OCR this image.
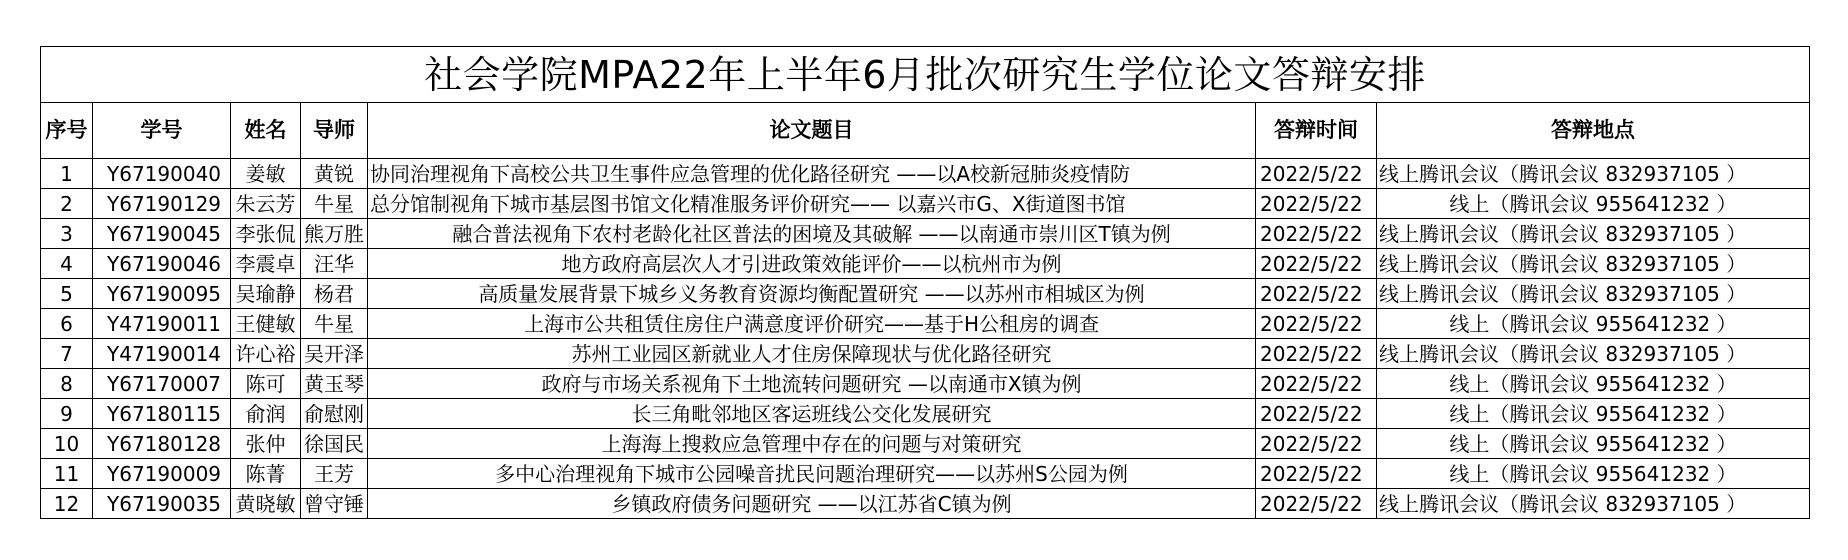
社会学院MPA22年上半年6月批次研究生学位论文答辩安排						
序号	学号	姓名	导师	论文题目	答辩时间	答辩地点
1	Y67190040	姜敏	黄锐	协同治理视角下高校公共卫生事件应急管理的优化路径研究 ——以A校新冠肺炎疫情防	2022/5/22	线上腾讯会议（腾讯会议 832937105 ）
2	Y67190129	朱云芳	牛星	总分馆制视角下城市基层图书馆文化精准服务评价研究—— 以嘉兴市G、X街道图书馆	2022/5/22	线上（腾讯会议 955641232 ）
3	Y67190045	李张侃	熊万胜	融合普法视角下农村老龄化社区普法的困境及其破解 ——以南通市崇川区T镇为例	2022/5/22	线上腾讯会议（腾讯会议 832937105 ）
4	Y67190046	李震卓	汪华	地方政府高层次人才引进政策效能评价——以杭州市为例	2022/5/22	线上腾讯会议（腾讯会议 832937105 ）
5	Y67190095	吴瑜静	杨君	高质量发展背景下城乡义务教育资源均衡配置研究 ——以苏州市相城区为例	2022/5/22	线上腾讯会议（腾讯会议 832937105 ）
6	Y47190011	王健敏	牛星	上海市公共租赁住房住户满意度评价研究——基于H公租房的调查	2022/5/22	线上（腾讯会议 955641232 ）
7	Y47190014	许心裕	吴开泽	苏州工业园区新就业人才住房保障现状与优化路径研究	2022/5/22	线上腾讯会议（腾讯会议 832937105 ）
8	Y67170007	陈可	黄玉琴	政府与市场关系视角下土地流转问题研究 —以南通市X镇为例	2022/5/22	线上（腾讯会议 955641232 ）
9	Y67180115	俞润	俞慰刚	长三角毗邻地区客运班线公交化发展研究	2022/5/22	线上（腾讯会议 955641232 ）
10	Y67180128	张仲	徐国民	上海海上搜救应急管理中存在的问题与对策研究	2022/5/22	线上（腾讯会议 955641232 ）
11	Y67190009	陈菁	王芳	多中心治理视角下城市公园噪音扰民问题治理研究——以苏州S公园为例	2022/5/22	线上（腾讯会议 955641232 ）
12	Y67190035	黄晓敏	曾守锤	乡镇政府债务问题研究 ——以江苏省C镇为例	2022/5/22	线上腾讯会议（腾讯会议 832937105 ）
